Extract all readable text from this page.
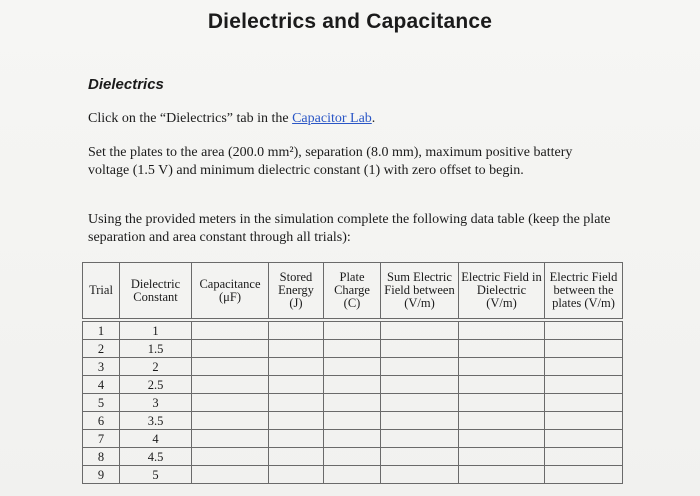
Dielectrics and Capacitance
Dielectrics
Click on the “Dielectrics” tab in the Capacitor Lab.
Set the plates to the area (200.0 mm²), separation (8.0 mm), maximum positive battery voltage (1.5 V) and minimum dielectric constant (1) with zero offset to begin.
Using the provided meters in the simulation complete the following data table (keep the plate separation and area constant through all trials):
Trial	Dielectric Constant	Capacitance (μF)	Stored Energy (J)	Plate Charge (C)	Sum Electric Field between (V/m)	Electric Field in Dielectric (V/m)	Electric Field between the plates (V/m)

1	1						
2	1.5						
3	2						
4	2.5						
5	3						
6	3.5						
7	4						
8	4.5						
9	5						
